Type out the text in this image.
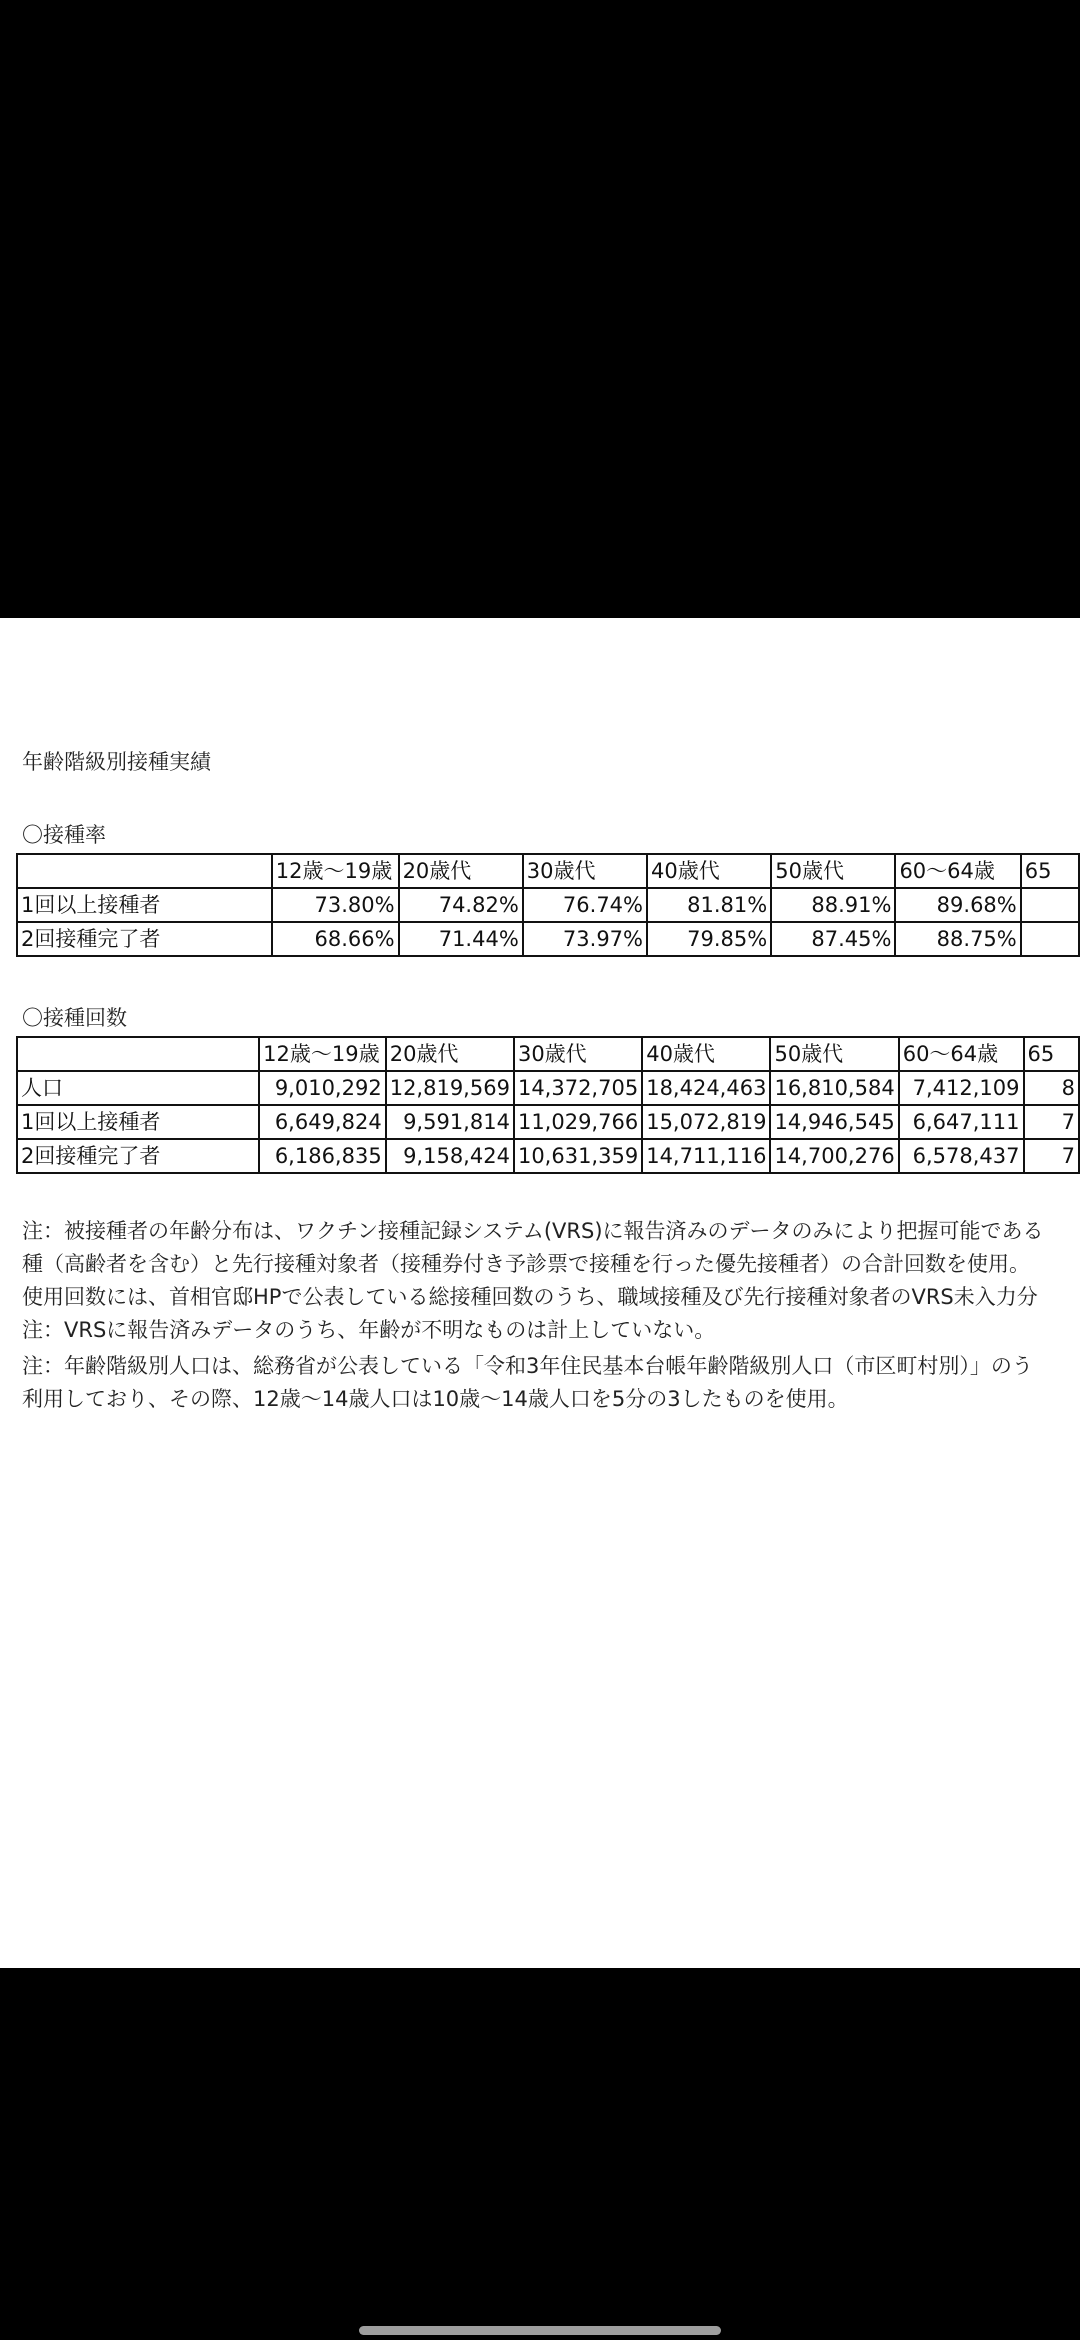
年齢階級別接種実績
〇接種率
	12歳～19歳	20歳代	30歳代	40歳代	50歳代	60～64歳	65
1回以上接種者	73.80%	74.82%	76.74%	81.81%	88.91%	89.68%	
2回接種完了者	68.66%	71.44%	73.97%	79.85%	87.45%	88.75%	
〇接種回数
	12歳～19歳	20歳代	30歳代	40歳代	50歳代	60～64歳	65
人口	9,010,292	12,819,569	14,372,705	18,424,463	16,810,584	7,412,109	8
1回以上接種者	6,649,824	9,591,814	11,029,766	15,072,819	14,946,545	6,647,111	7
2回接種完了者	6,186,835	9,158,424	10,631,359	14,711,116	14,700,276	6,578,437	7

注：被接種者の年齢分布は、ワクチン接種記録システム(VRS)に報告済みのデータのみにより把握可能である

種（高齢者を含む）と先行接種対象者（接種券付き予診票で接種を行った優先接種者）の合計回数を使用。

使用回数には、首相官邸HPで公表している総接種回数のうち、職域接種及び先行接種対象者のVRS未入力分

注：VRSに報告済みデータのうち、年齢が不明なものは計上していない。

注：年齢階級別人口は、総務省が公表している「令和3年住民基本台帳年齢階級別人口（市区町村別）」のう

利用しており、その際、12歳～14歳人口は10歳～14歳人口を5分の3したものを使用。
